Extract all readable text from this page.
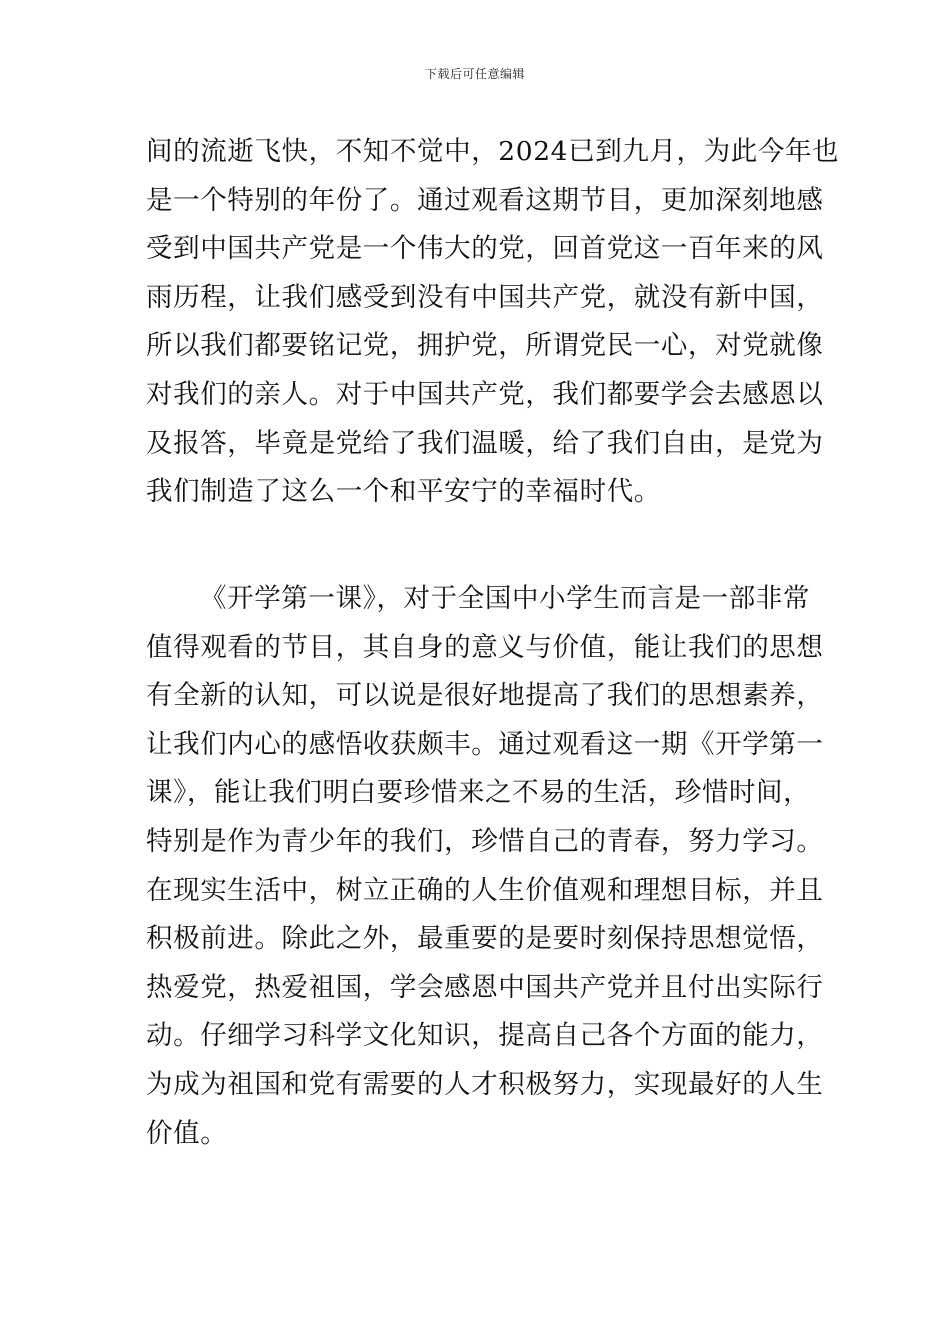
下载后可任意编辑
间的流逝飞快，不知不觉中，2024已到九月，为此今年也
是一个特别的年份了。通过观看这期节目，更加深刻地感
受到中国共产党是一个伟大的党，回首党这一百年来的风
雨历程，让我们感受到没有中国共产党，就没有新中国，
所以我们都要铭记党，拥护党，所谓党民一心，对党就像
对我们的亲人。对于中国共产党，我们都要学会去感恩以
及报答，毕竟是党给了我们温暖，给了我们自由，是党为
我们制造了这么一个和平安宁的幸福时代。
《开学第一课》，对于全国中小学生而言是一部非常
值得观看的节目，其自身的意义与价值，能让我们的思想
有全新的认知，可以说是很好地提高了我们的思想素养，
让我们内心的感悟收获颇丰。通过观看这一期《开学第一
课》，能让我们明白要珍惜来之不易的生活，珍惜时间，
特别是作为青少年的我们，珍惜自己的青春，努力学习。
在现实生活中，树立正确的人生价值观和理想目标，并且
积极前进。除此之外，最重要的是要时刻保持思想觉悟，
热爱党，热爱祖国，学会感恩中国共产党并且付出实际行
动。仔细学习科学文化知识，提高自己各个方面的能力，
为成为祖国和党有需要的人才积极努力，实现最好的人生
价值。
